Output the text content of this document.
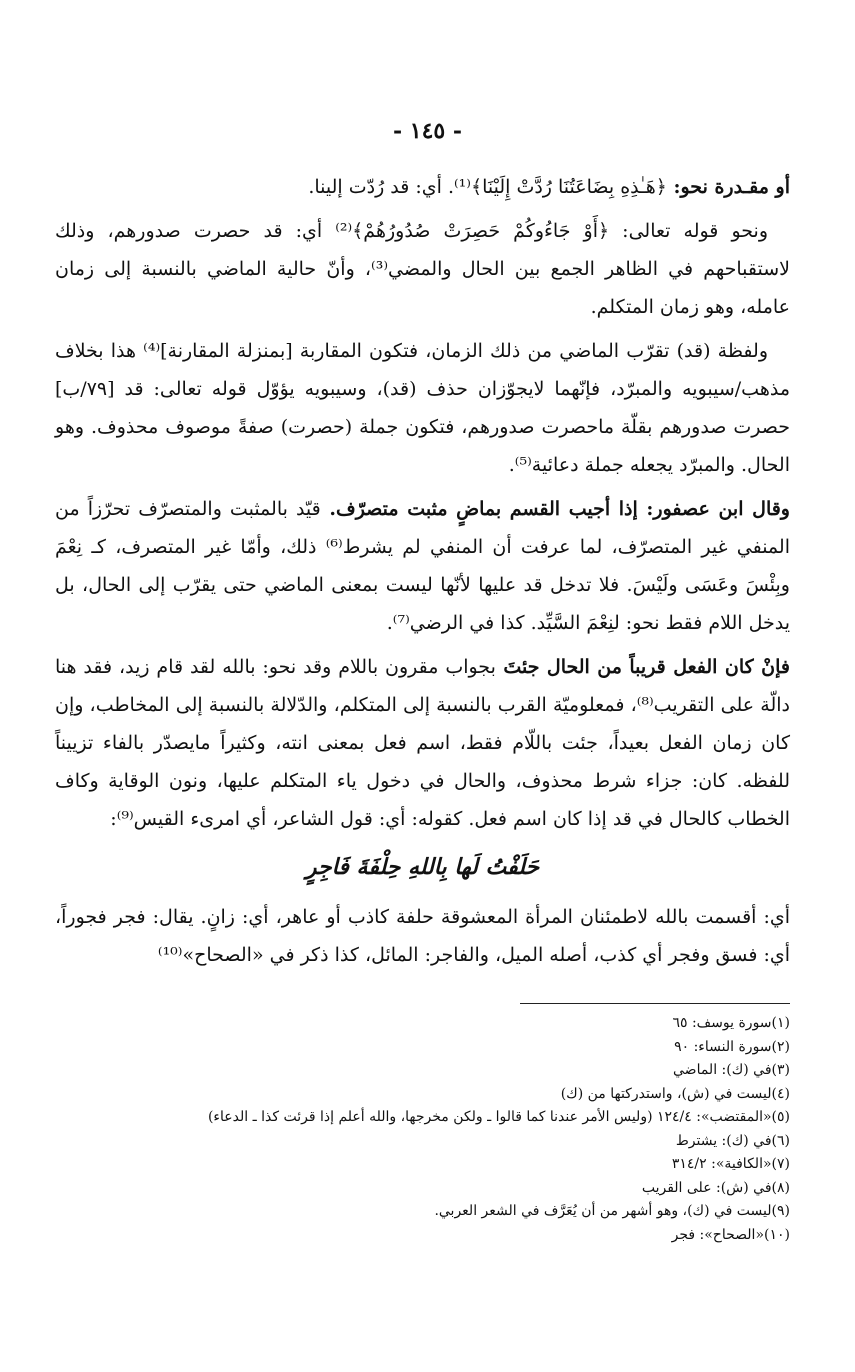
- ١٤٥ -

أو مقـدرة نحو: ﴿هَـٰذِهِ بِضَاعَتُنَا رُدَّتْ إِلَيْنَا﴾⁽¹⁾. أي: قد رُدّت إلينا.

ونحو قوله تعالى: ﴿أَوْ جَاءُوكُمْ حَصِرَتْ صُدُورُهُمْ﴾⁽²⁾ أي: قد حصرت صدورهم، وذلك لاستقباحهم في الظاهر الجمع بين الحال والمضي⁽³⁾، وأنّ حالية الماضي بالنسبة إلى زمان عامله، وهو زمان المتكلم.

ولفظة (قد) تقرّب الماضي من ذلك الزمان، فتكون المقاربة [بمنزلة المقارنة]⁽⁴⁾ هذا بخلاف مذهب/سيبويه والمبرّد، فإنّهما لايجوّزان حذف (قد)، وسيبويه يؤوّل قوله تعالى: قد [٧٩/ب] حصرت صدورهم بقلّة ماحصرت صدورهم، فتكون جملة (حصرت) صفةً موصوف محذوف. وهو الحال. والمبرّد يجعله جملة دعائية⁽⁵⁾.

وقال ابن عصفور: إذا أجيب القسم بماضٍ مثبت متصرّف. قيّد بالمثبت والمتصرّف تحرّزاً من المنفي غير المتصرّف، لما عرفت أن المنفي لم يشرط⁽⁶⁾ ذلك، وأمّا غير المتصرف، كـ نِعْمَ وبِئْسَ وعَسَى ولَيْسَ. فلا تدخل قد عليها لأنّها ليست بمعنى الماضي حتى يقرّب إلى الحال، بل يدخل اللام فقط نحو: لنِعْمَ السَّيِّد. كذا في الرضي⁽⁷⁾.

فإنْ كان الفعل قريباً من الحال جئتَ بجواب مقرون باللام وقد نحو: بالله لقد قام زيد، فقد هنا دالّة على التقريب⁽⁸⁾، فمعلوميّة القرب بالنسبة إلى المتكلم، والدّلالة بالنسبة إلى المخاطب، وإن كان زمان الفعل بعيداً، جئت باللّام فقط، اسم فعل بمعنى انته، وكثيراً مايصدّر بالفاء تزييناً للفظه. كان: جزاء شرط محذوف، والحال في دخول ياء المتكلم عليها، ونون الوقاية وكاف الخطاب كالحال في قد إذا كان اسم فعل. كقوله: أي: قول الشاعر، أي امرىء القيس⁽⁹⁾:

حَلَفْتُ لَها بِاللهِ حِلْفَةَ فَاجِرٍ

أي: أقسمت بالله لاطمئنان المرأة المعشوقة حلفة كاذب أو عاهر، أي: زانٍ. يقال: فجر فجوراً، أي: فسق وفجر أي كذب، أصله الميل، والفاجر: المائل، كذا ذكر في «الصحاح»⁽¹⁰⁾

(١)سورة يوسف: ٦٥
(٢)سورة النساء: ٩٠
(٣)في (ك): الماضي
(٤)ليست في (ش)، واستدركتها من (ك)
(٥)«المقتضب»: ١٢٤/٤ (وليس الأمر عندنا كما قالوا ـ ولكن مخرجها، والله أعلم إذا قرئت كذا ـ الدعاء)
(٦)في (ك): يشترط
(٧)«الكافية»: ٣١٤/٢
(٨)في (ش): على القريب
(٩)ليست في (ك)، وهو أشهر من أن يُعَرَّف في الشعر العربي.
(١٠)«الصحاح»: فجر
